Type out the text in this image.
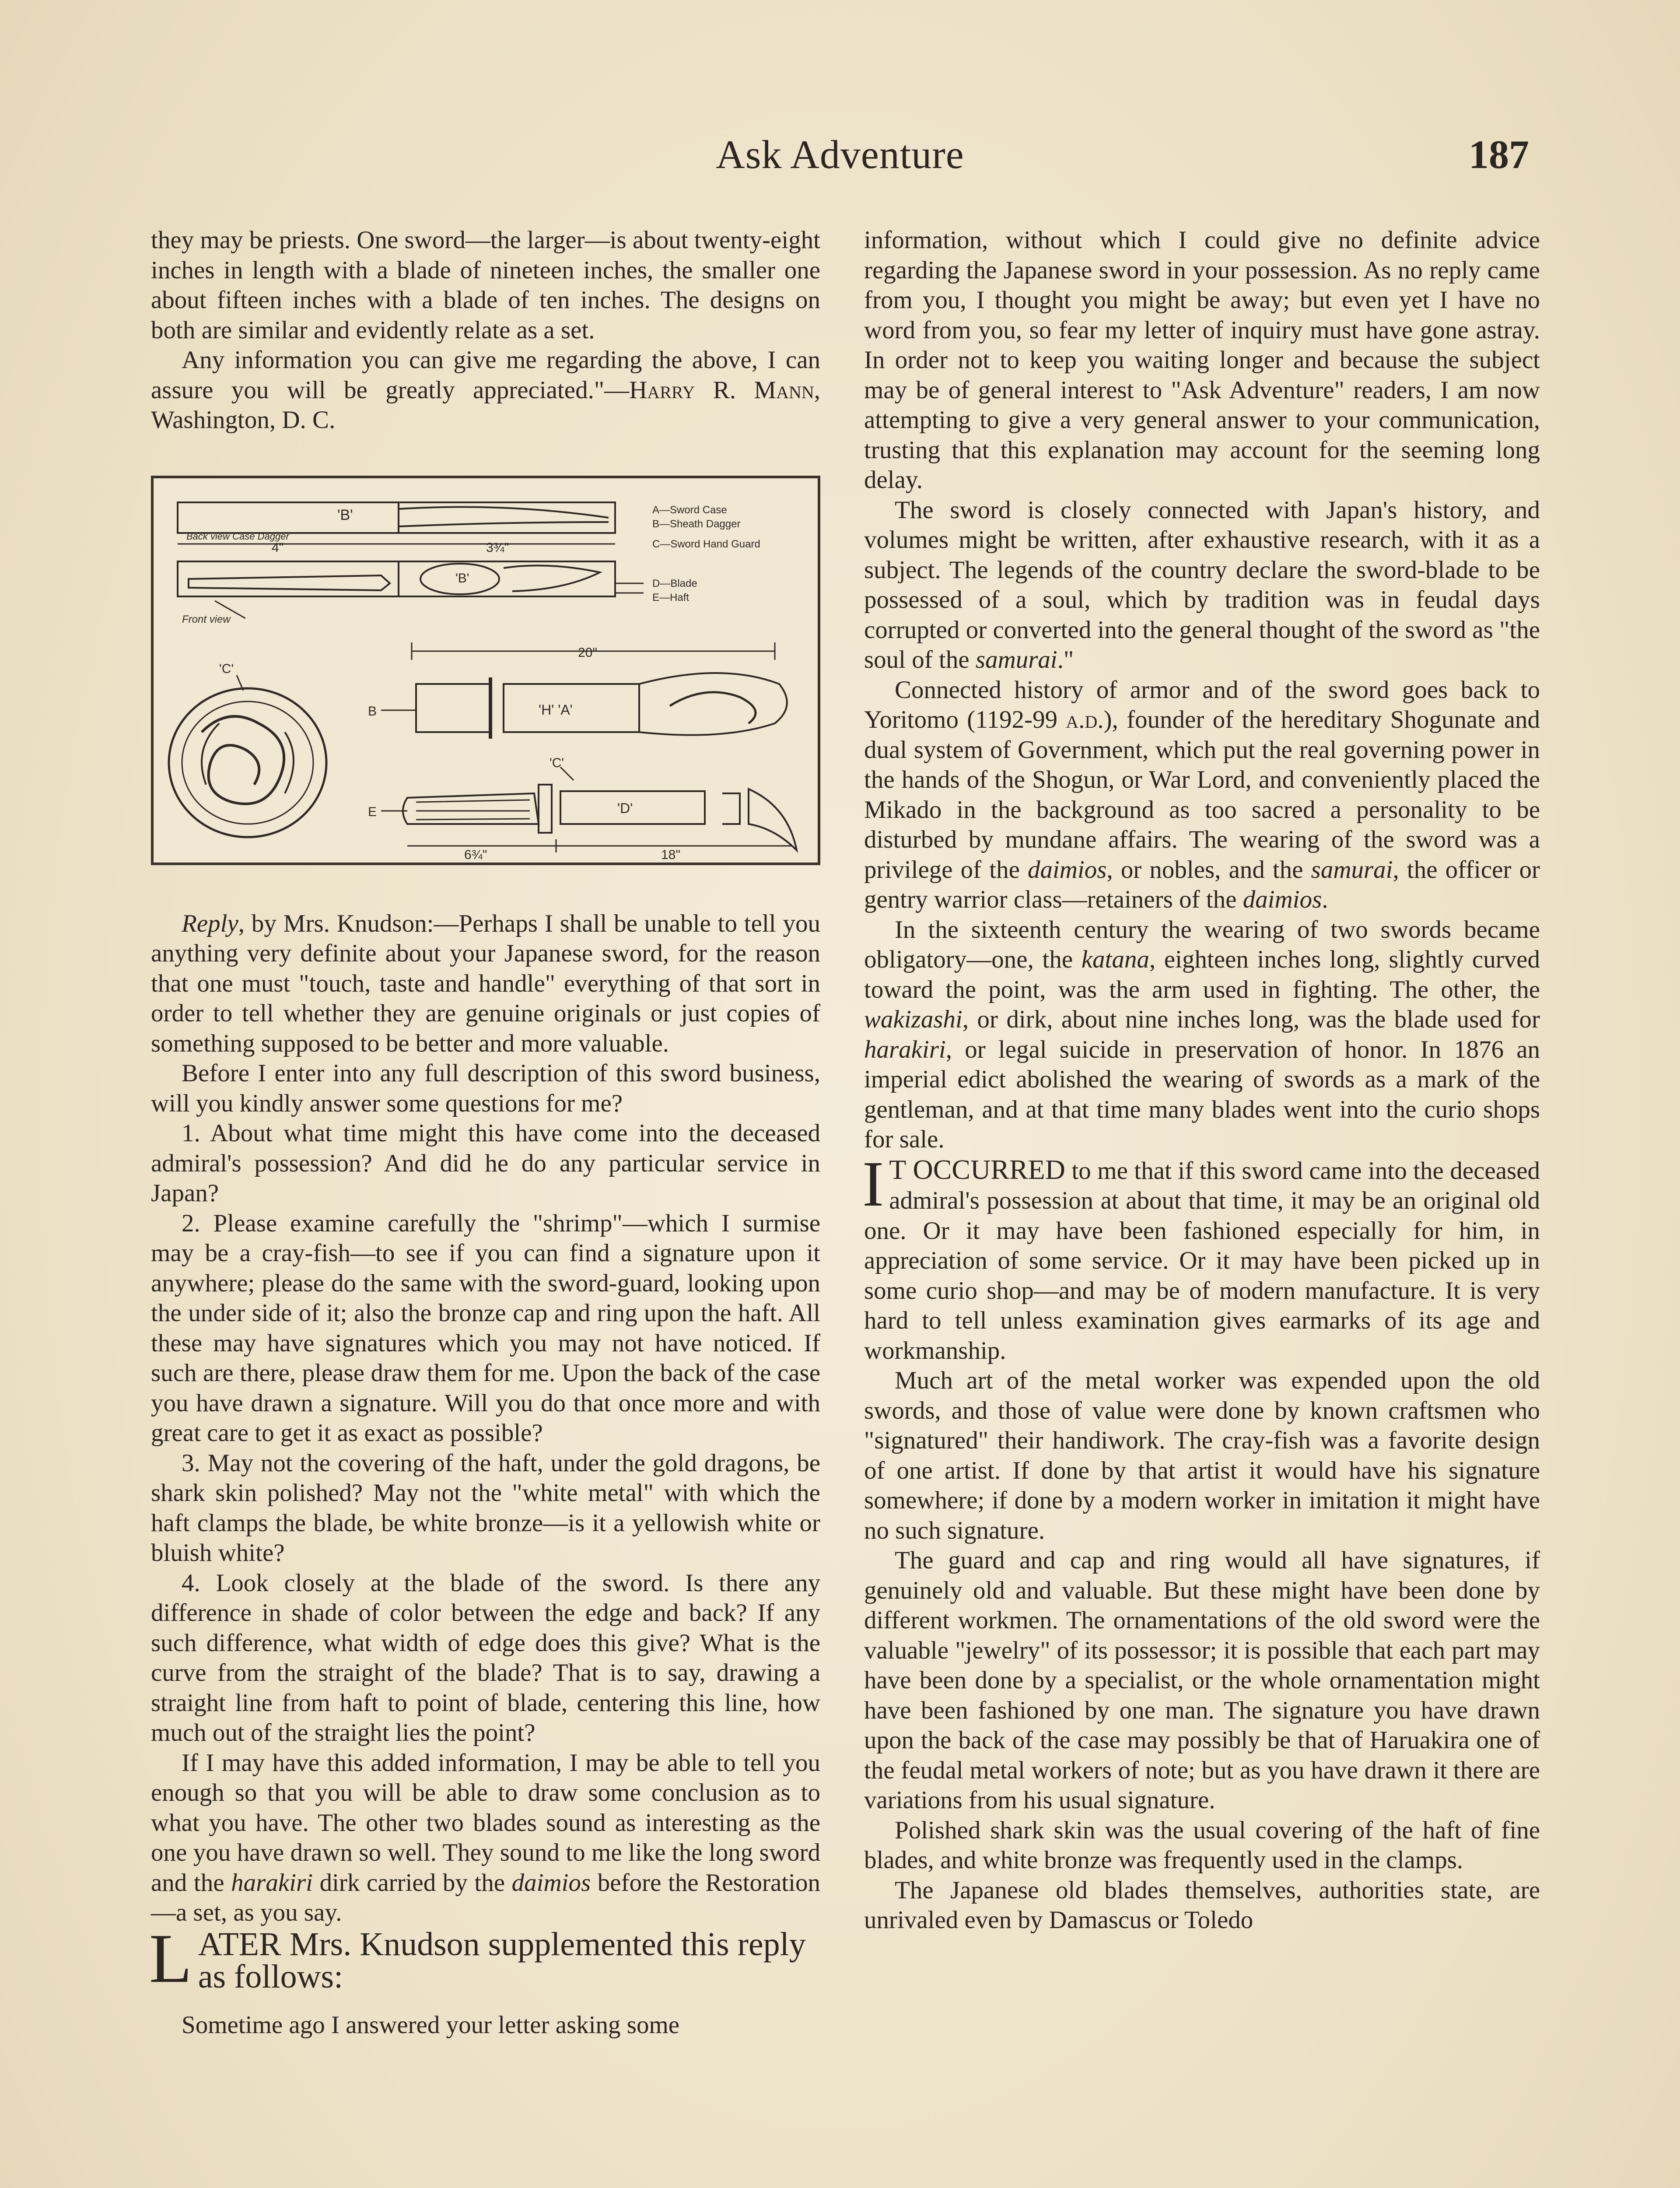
Ask Adventure	187

they may be priests. One sword—the larger—is about twenty-eight inches in length with a blade of nineteen inches, the smaller one about fifteen inches with a blade of ten inches. The designs on both are similar and evidently relate as a set.

Any information you can give me regarding the above, I can assure you will be greatly appreciated."—Harry R. Mann, Washington, D. C.

'B'
Back view Case Dagger
4"	3¾"
'B'
Front view
A—Sword Case
B—Sheath Dagger
C—Sword Hand Guard
D—Blade
E—Haft
'C'
20"
'H' 'A'
B
'C'
'D'
E
6¾"	18"

Reply, by Mrs. Knudson:—Perhaps I shall be unable to tell you anything very definite about your Japanese sword, for the reason that one must "touch, taste and handle" everything of that sort in order to tell whether they are genuine originals or just copies of something supposed to be better and more valuable.

Before I enter into any full description of this sword business, will you kindly answer some questions for me?

1. About what time might this have come into the deceased admiral's possession? And did he do any particular service in Japan?

2. Please examine carefully the "shrimp"—which I surmise may be a cray-fish—to see if you can find a signature upon it anywhere; please do the same with the sword-guard, looking upon the under side of it; also the bronze cap and ring upon the haft. All these may have signatures which you may not have noticed. If such are there, please draw them for me. Upon the back of the case you have drawn a signature. Will you do that once more and with great care to get it as exact as possible?

3. May not the covering of the haft, under the gold dragons, be shark skin polished? May not the "white metal" with which the haft clamps the blade, be white bronze—is it a yellowish white or bluish white?

4. Look closely at the blade of the sword. Is there any difference in shade of color between the edge and back? If any such difference, what width of edge does this give? What is the curve from the straight of the blade? That is to say, drawing a straight line from haft to point of blade, centering this line, how much out of the straight lies the point?

If I may have this added information, I may be able to tell you enough so that you will be able to draw some conclusion as to what you have. The other two blades sound as interesting as the one you have drawn so well. They sound to me like the long sword and the harakiri dirk carried by the daimios before the Restoration—a set, as you say.

LATER Mrs. Knudson supplemented this reply as follows:

Sometime ago I answered your letter asking some

information, without which I could give no definite advice regarding the Japanese sword in your possession. As no reply came from you, I thought you might be away; but even yet I have no word from you, so fear my letter of inquiry must have gone astray. In order not to keep you waiting longer and because the subject may be of general interest to "Ask Adventure" readers, I am now attempting to give a very general answer to your communication, trusting that this explanation may account for the seeming long delay.

The sword is closely connected with Japan's history, and volumes might be written, after exhaustive research, with it as a subject. The legends of the country declare the sword-blade to be possessed of a soul, which by tradition was in feudal days corrupted or converted into the general thought of the sword as "the soul of the samurai."

Connected history of armor and of the sword goes back to Yoritomo (1192-99 a.d.), founder of the hereditary Shogunate and dual system of Government, which put the real governing power in the hands of the Shogun, or War Lord, and conveniently placed the Mikado in the background as too sacred a personality to be disturbed by mundane affairs. The wearing of the sword was a privilege of the daimios, or nobles, and the samurai, the officer or gentry warrior class—retainers of the daimios.

In the sixteenth century the wearing of two swords became obligatory—one, the katana, eighteen inches long, slightly curved toward the point, was the arm used in fighting. The other, the wakizashi, or dirk, about nine inches long, was the blade used for harakiri, or legal suicide in preservation of honor. In 1876 an imperial edict abolished the wearing of swords as a mark of the gentleman, and at that time many blades went into the curio shops for sale.

I T OCCURRED to me that if this sword came into the deceased admiral's possession at about that time, it may be an original old one. Or it may have been fashioned especially for him, in appreciation of some service. Or it may have been picked up in some curio shop—and may be of modern manufacture. It is very hard to tell unless examination gives earmarks of its age and workmanship.

Much art of the metal worker was expended upon the old swords, and those of value were done by known craftsmen who "signatured" their handiwork. The cray-fish was a favorite design of one artist. If done by that artist it would have his signature somewhere; if done by a modern worker in imitation it might have no such signature.

The guard and cap and ring would all have signatures, if genuinely old and valuable. But these might have been done by different workmen. The ornamentations of the old sword were the valuable "jewelry" of its possessor; it is possible that each part may have been done by a specialist, or the whole ornamentation might have been fashioned by one man. The signature you have drawn upon the back of the case may possibly be that of Haruakira one of the feudal metal workers of note; but as you have drawn it there are variations from his usual signature.

Polished shark skin was the usual covering of the haft of fine blades, and white bronze was frequently used in the clamps.

The Japanese old blades themselves, authorities state, are unrivaled even by Damascus or Toledo
